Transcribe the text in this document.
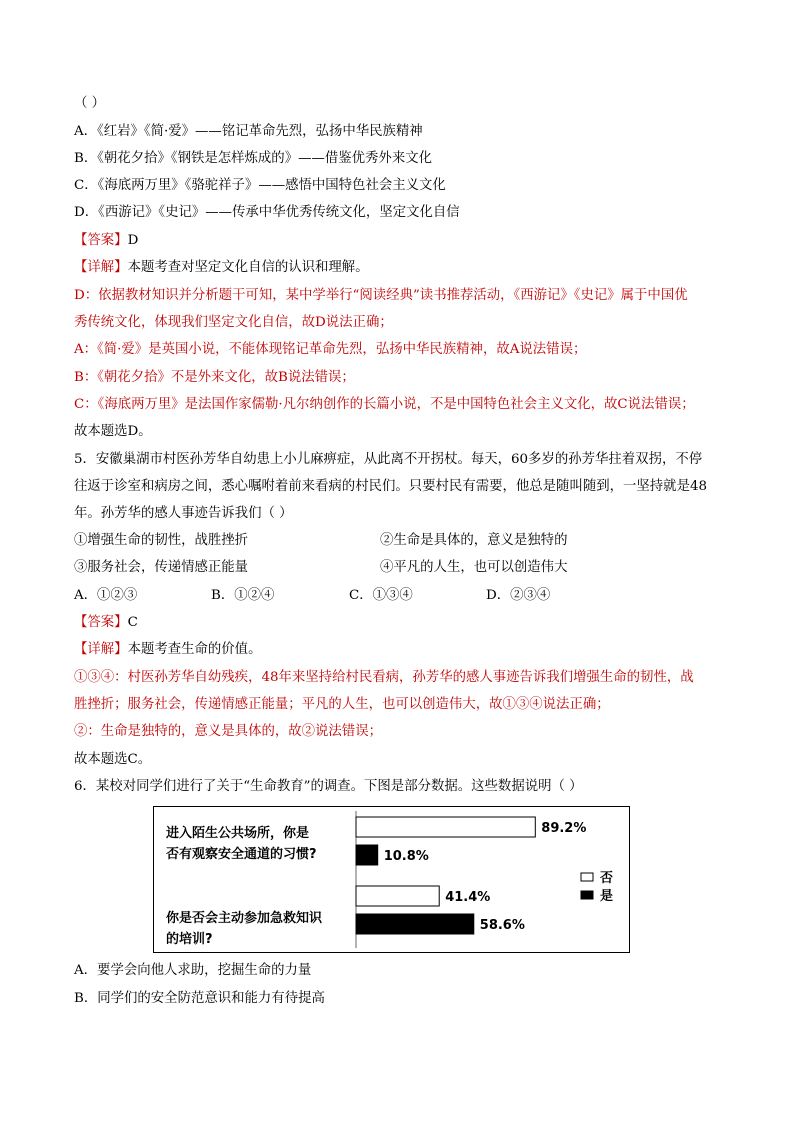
（ ）
A．《红岩》《简·爱》——铭记革命先烈，弘扬中华民族精神
B．《朝花夕拾》《钢铁是怎样炼成的》——借鉴优秀外来文化
C．《海底两万里》《骆驼祥子》——感悟中国特色社会主义文化
D．《西游记》《史记》——传承中华优秀传统文化，坚定文化自信
【答案】D
【详解】本题考查对坚定文化自信的认识和理解。
D：依据教材知识并分析题干可知，某中学举行“阅读经典”读书推荐活动，《西游记》《史记》属于中国优
秀传统文化，体现我们坚定文化自信，故D说法正确；
A：《简·爱》是英国小说，不能体现铭记革命先烈，弘扬中华民族精神，故A说法错误；
B：《朝花夕拾》不是外来文化，故B说法错误；
C：《海底两万里》是法国作家儒勒·凡尔纳创作的长篇小说，不是中国特色社会主义文化，故C说法错误；
故本题选D。
5．安徽巢湖市村医孙芳华自幼患上小儿麻痹症，从此离不开拐杖。每天，60多岁的孙芳华拄着双拐，不停
往返于诊室和病房之间，悉心嘱咐着前来看病的村民们。只要村民有需要，他总是随叫随到，一坚持就是48
年。孙芳华的感人事迹告诉我们（ ）
①增强生命的韧性，战胜挫折	②生命是具体的，意义是独特的
③服务社会，传递情感正能量	④平凡的人生，也可以创造伟大
A．①②③	B．①②④	C．①③④	D．②③④
【答案】C
【详解】本题考查生命的价值。
①③④：村医孙芳华自幼残疾，48年来坚持给村民看病，孙芳华的感人事迹告诉我们增强生命的韧性，战
胜挫折；服务社会，传递情感正能量；平凡的人生，也可以创造伟大，故①③④说法正确；
②：生命是独特的，意义是具体的，故②说法错误；
故本题选C。
6．某校对同学们进行了关于“生命教育”的调查。下图是部分数据。这些数据说明（ ）
进入陌生公共场所，你是
否有观察安全通道的习惯?
89.2%
10.8%
你是否会主动参加急救知识
的培训?
41.4%
58.6%
否
是
A．要学会向他人求助，挖掘生命的力量
B．同学们的安全防范意识和能力有待提高
